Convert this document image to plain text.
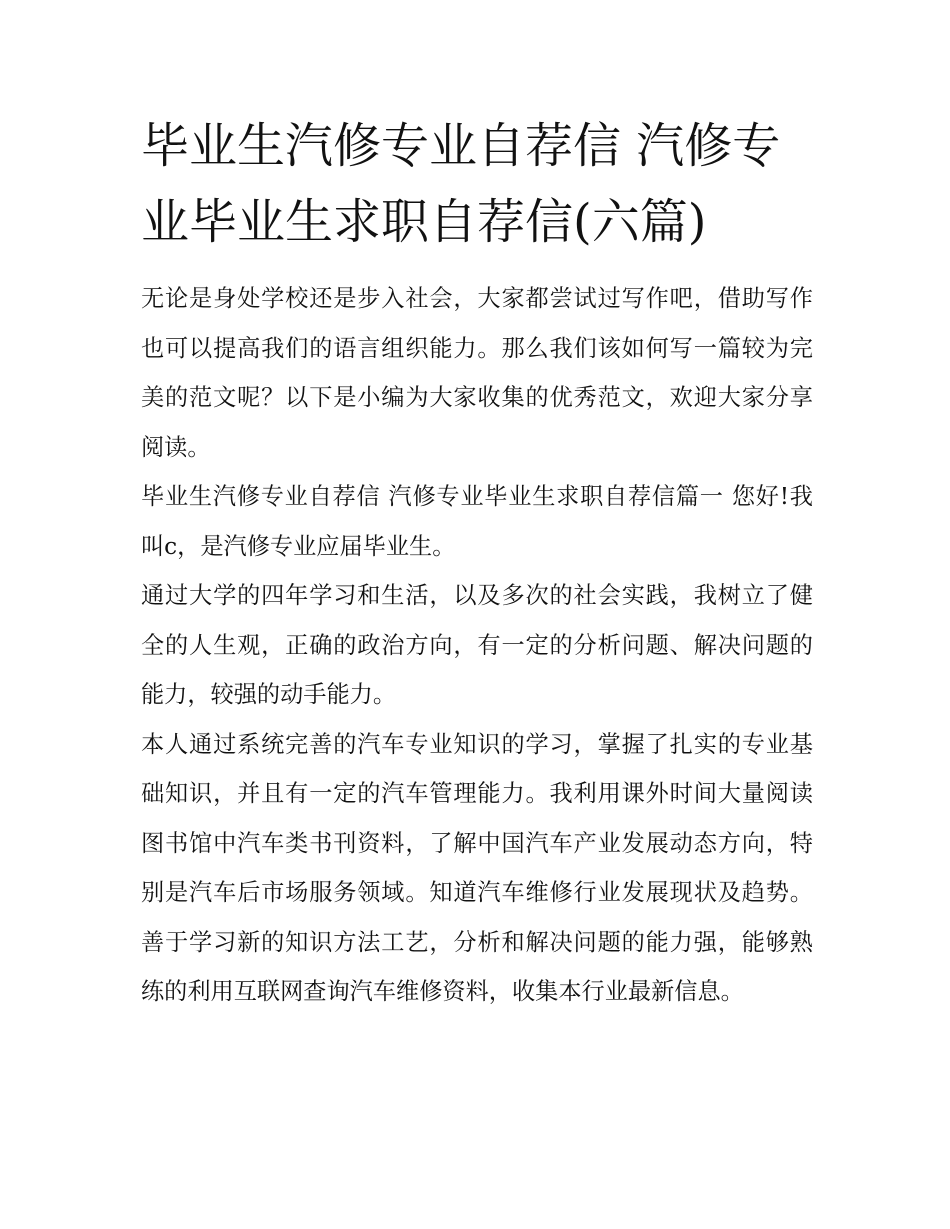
毕业生汽修专业自荐信 汽修专业毕业生求职自荐信(六篇)

无论是身处学校还是步入社会，大家都尝试过写作吧，借助写作也可以提高我们的语言组织能力。那么我们该如何写一篇较为完美的范文呢？以下是小编为大家收集的优秀范文，欢迎大家分享阅读。

毕业生汽修专业自荐信 汽修专业毕业生求职自荐信篇一 您好!我叫c，是汽修专业应届毕业生。

通过大学的四年学习和生活，以及多次的社会实践，我树立了健全的人生观，正确的政治方向，有一定的分析问题、解决问题的能力，较强的动手能力。

本人通过系统完善的汽车专业知识的学习，掌握了扎实的专业基础知识，并且有一定的汽车管理能力。我利用课外时间大量阅读图书馆中汽车类书刊资料，了解中国汽车产业发展动态方向，特别是汽车后市场服务领域。知道汽车维修行业发展现状及趋势。善于学习新的知识方法工艺，分析和解决问题的能力强，能够熟练的利用互联网查询汽车维修资料，收集本行业最新信息。
